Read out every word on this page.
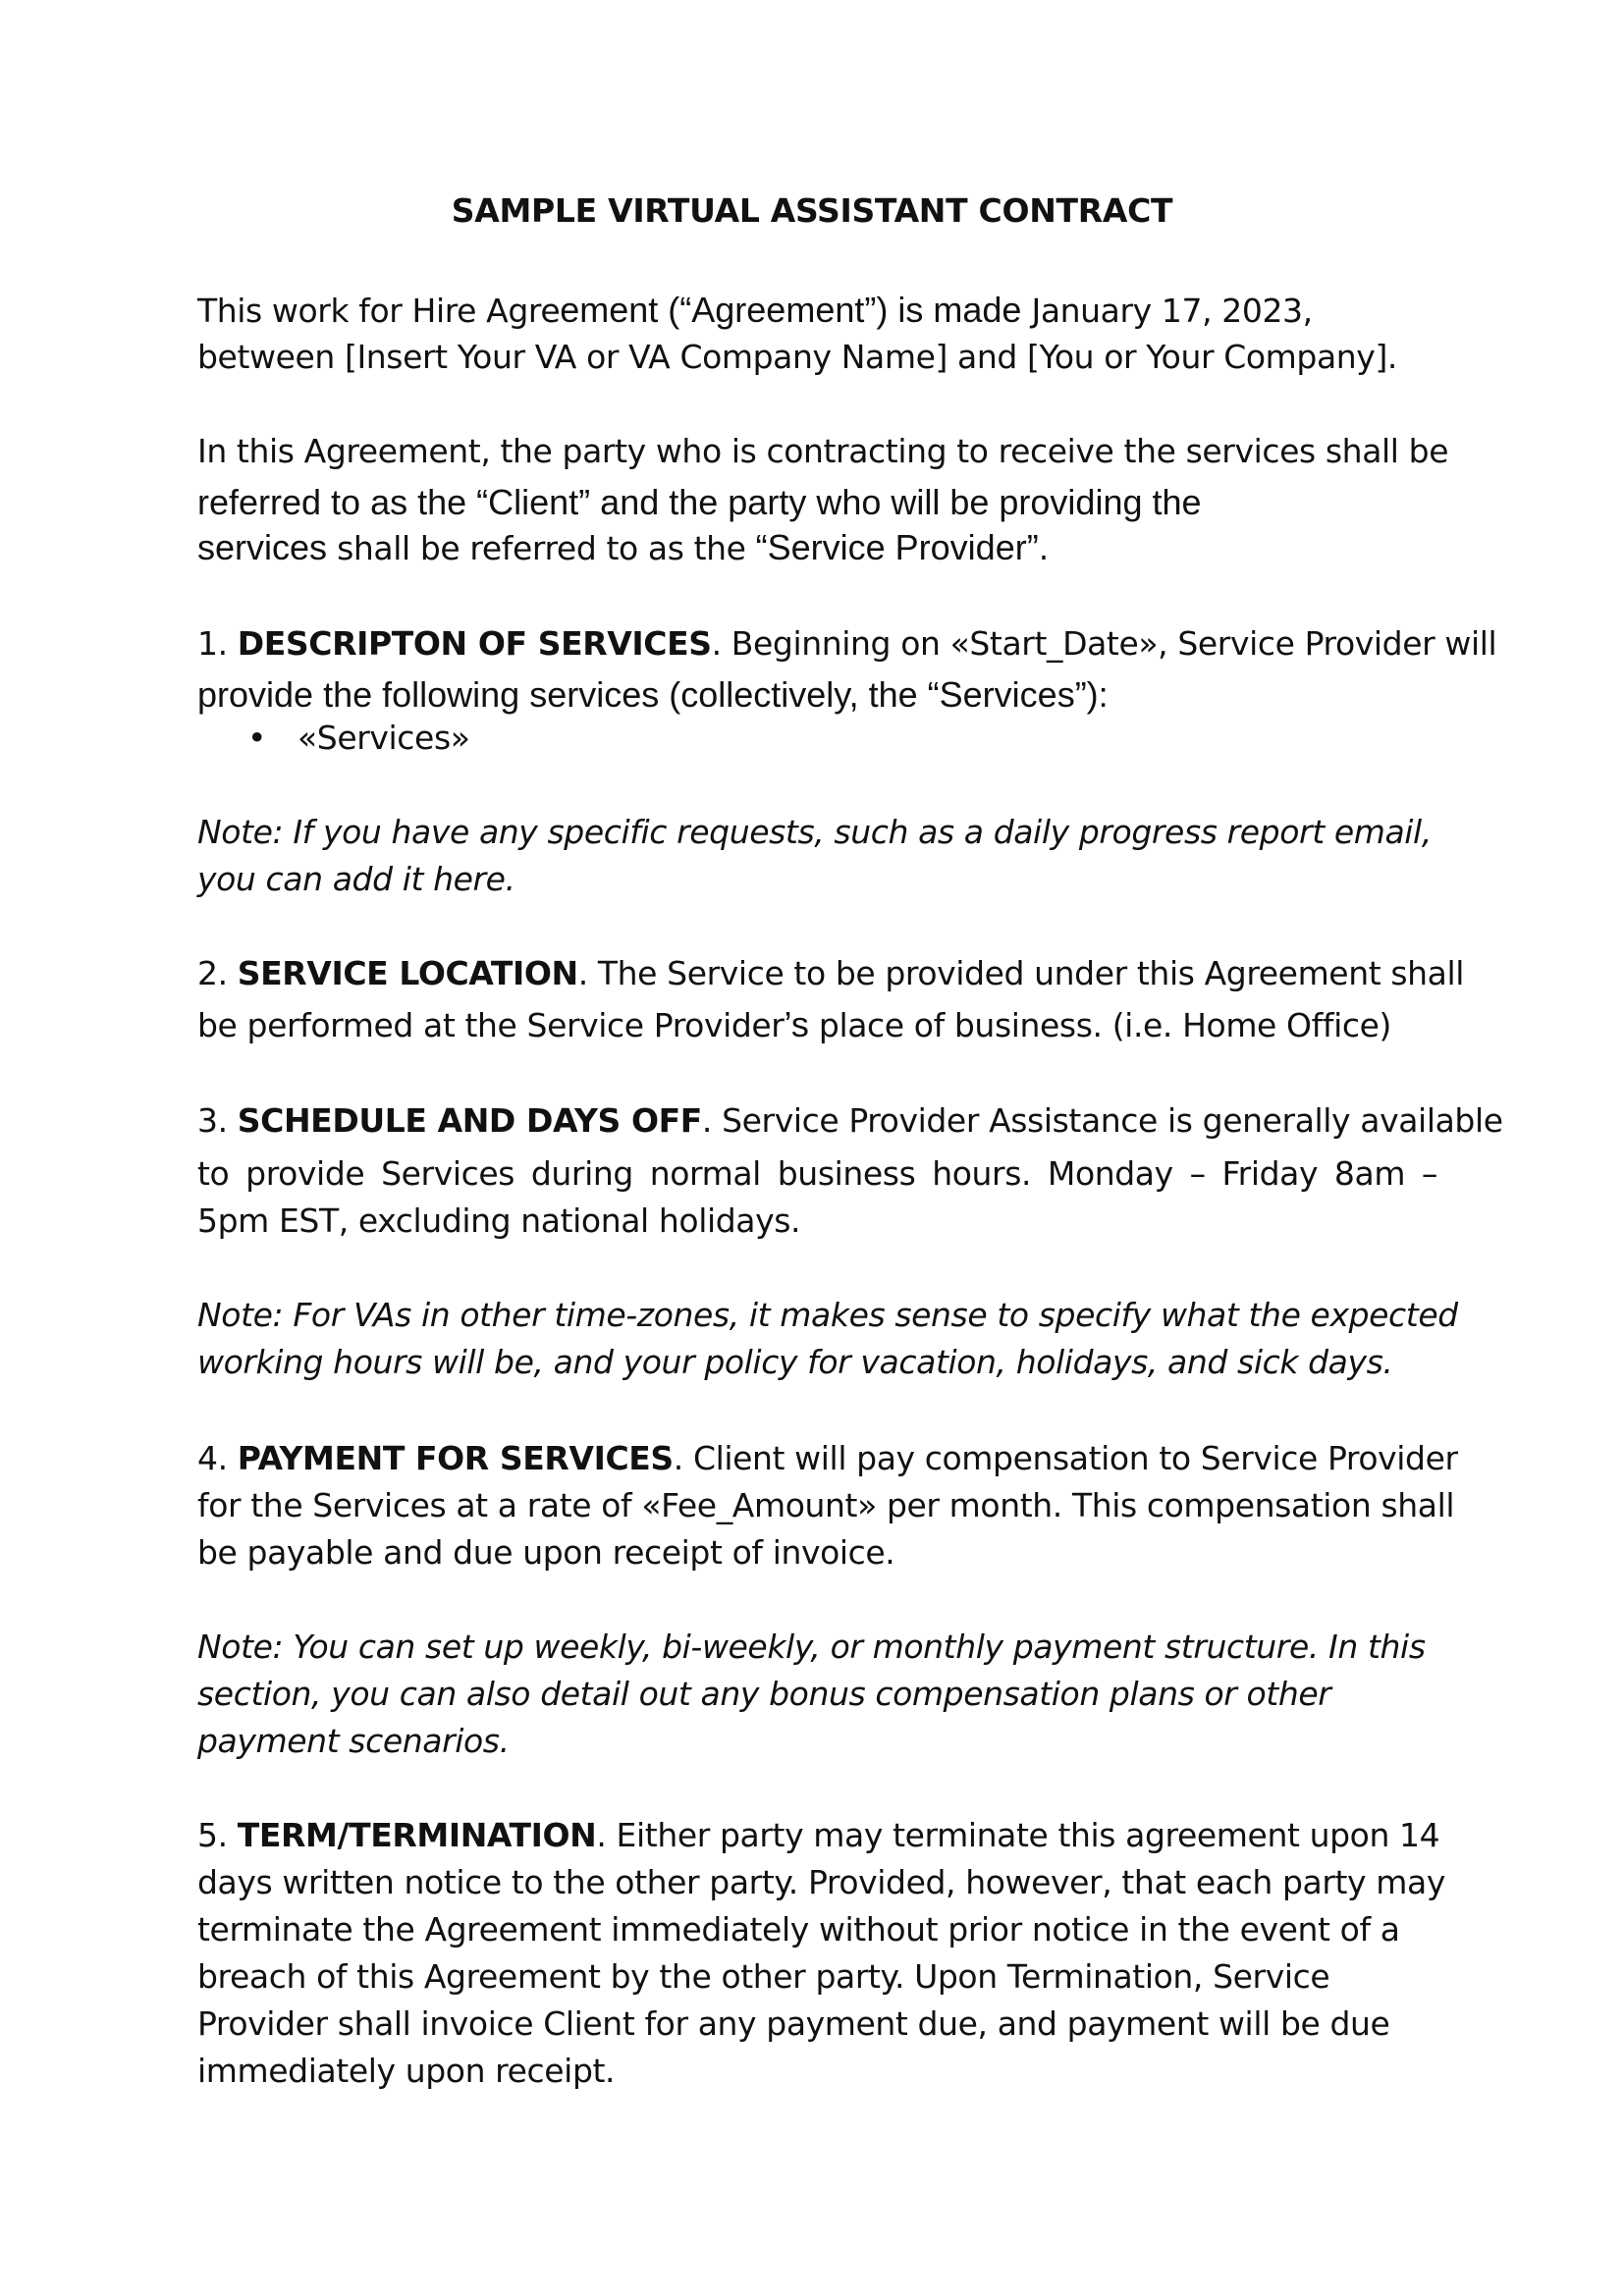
SAMPLE VIRTUAL ASSISTANT CONTRACT
This work for Hire Agreement (“Agreement”) is made January 17, 2023,
between [Insert Your VA or VA Company Name] and [You or Your Company].
In this Agreement, the party who is contracting to receive the services shall be
referred to as the “Client” and the party who will be providing the
services shall be referred to as the “Service Provider”.
1. DESCRIPTON OF SERVICES. Beginning on «Start_Date», Service Provider will
provide the following services (collectively, the “Services”):
• «Services»
Note: If you have any specific requests, such as a daily progress report email,
you can add it here.
2. SERVICE LOCATION. The Service to be provided under this Agreement shall
be performed at the Service Provider’s place of business. (i.e. Home Office)
3. SCHEDULE AND DAYS OFF. Service Provider Assistance is generally available
to provide Services during normal business hours. Monday – Friday 8am –
5pm EST, excluding national holidays.
Note: For VAs in other time-zones, it makes sense to specify what the expected
working hours will be, and your policy for vacation, holidays, and sick days.
4. PAYMENT FOR SERVICES. Client will pay compensation to Service Provider
for the Services at a rate of «Fee_Amount» per month. This compensation shall
be payable and due upon receipt of invoice.
Note: You can set up weekly, bi-weekly, or monthly payment structure. In this
section, you can also detail out any bonus compensation plans or other
payment scenarios.
5. TERM/TERMINATION. Either party may terminate this agreement upon 14
days written notice to the other party. Provided, however, that each party may
terminate the Agreement immediately without prior notice in the event of a
breach of this Agreement by the other party. Upon Termination, Service
Provider shall invoice Client for any payment due, and payment will be due
immediately upon receipt.
